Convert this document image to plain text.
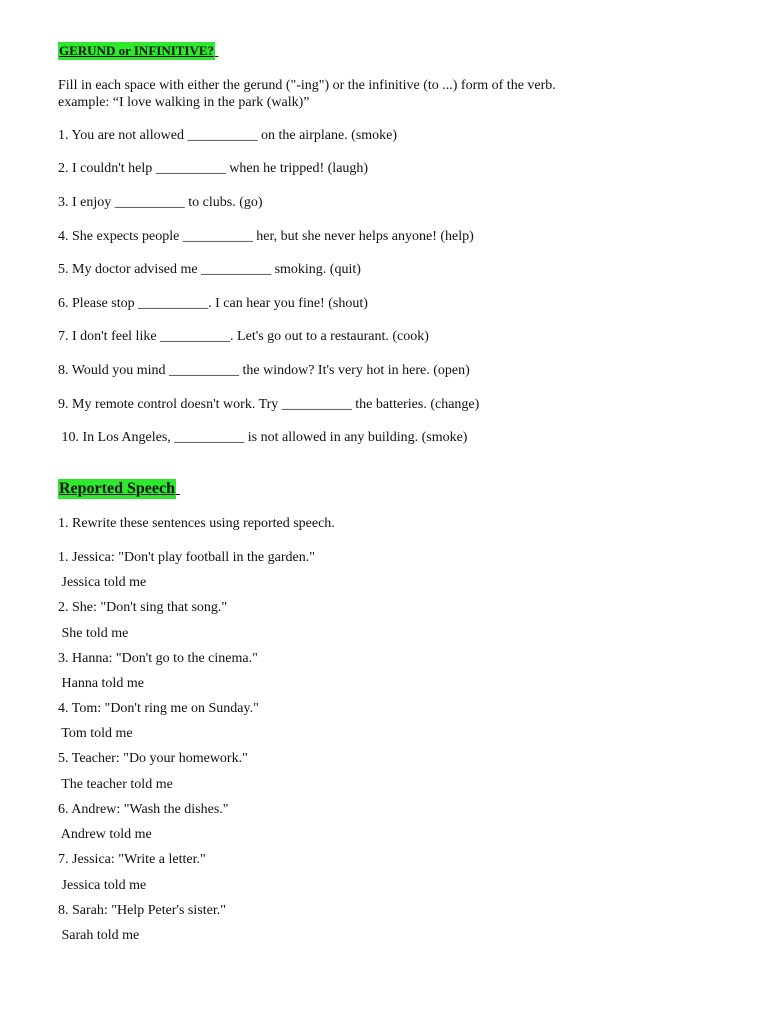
GERUND or INFINITIVE?
Fill in each space with either the gerund ("-ing") or the infinitive (to ...) form of the verb.
example: “I love walking in the park (walk)”
1. You are not allowed __________ on the airplane. (smoke)
2. I couldn't help __________ when he tripped! (laugh)
3. I enjoy __________ to clubs. (go)
4. She expects people __________ her, but she never helps anyone! (help)
5. My doctor advised me __________ smoking. (quit)
6. Please stop __________. I can hear you fine! (shout)
7. I don't feel like __________. Let's go out to a restaurant. (cook)
8. Would you mind __________ the window? It's very hot in here. (open)
9. My remote control doesn't work. Try __________ the batteries. (change)
10. In Los Angeles, __________ is not allowed in any building. (smoke)
Reported Speech
1. Rewrite these sentences using reported speech.
1. Jessica: "Don't play football in the garden."
Jessica told me
2. She: "Don't sing that song."
She told me
3. Hanna: "Don't go to the cinema."
Hanna told me
4. Tom: "Don't ring me on Sunday."
Tom told me
5. Teacher: "Do your homework."
The teacher told me
6. Andrew: "Wash the dishes."
Andrew told me
7. Jessica: "Write a letter."
Jessica told me
8. Sarah: "Help Peter's sister."
Sarah told me
